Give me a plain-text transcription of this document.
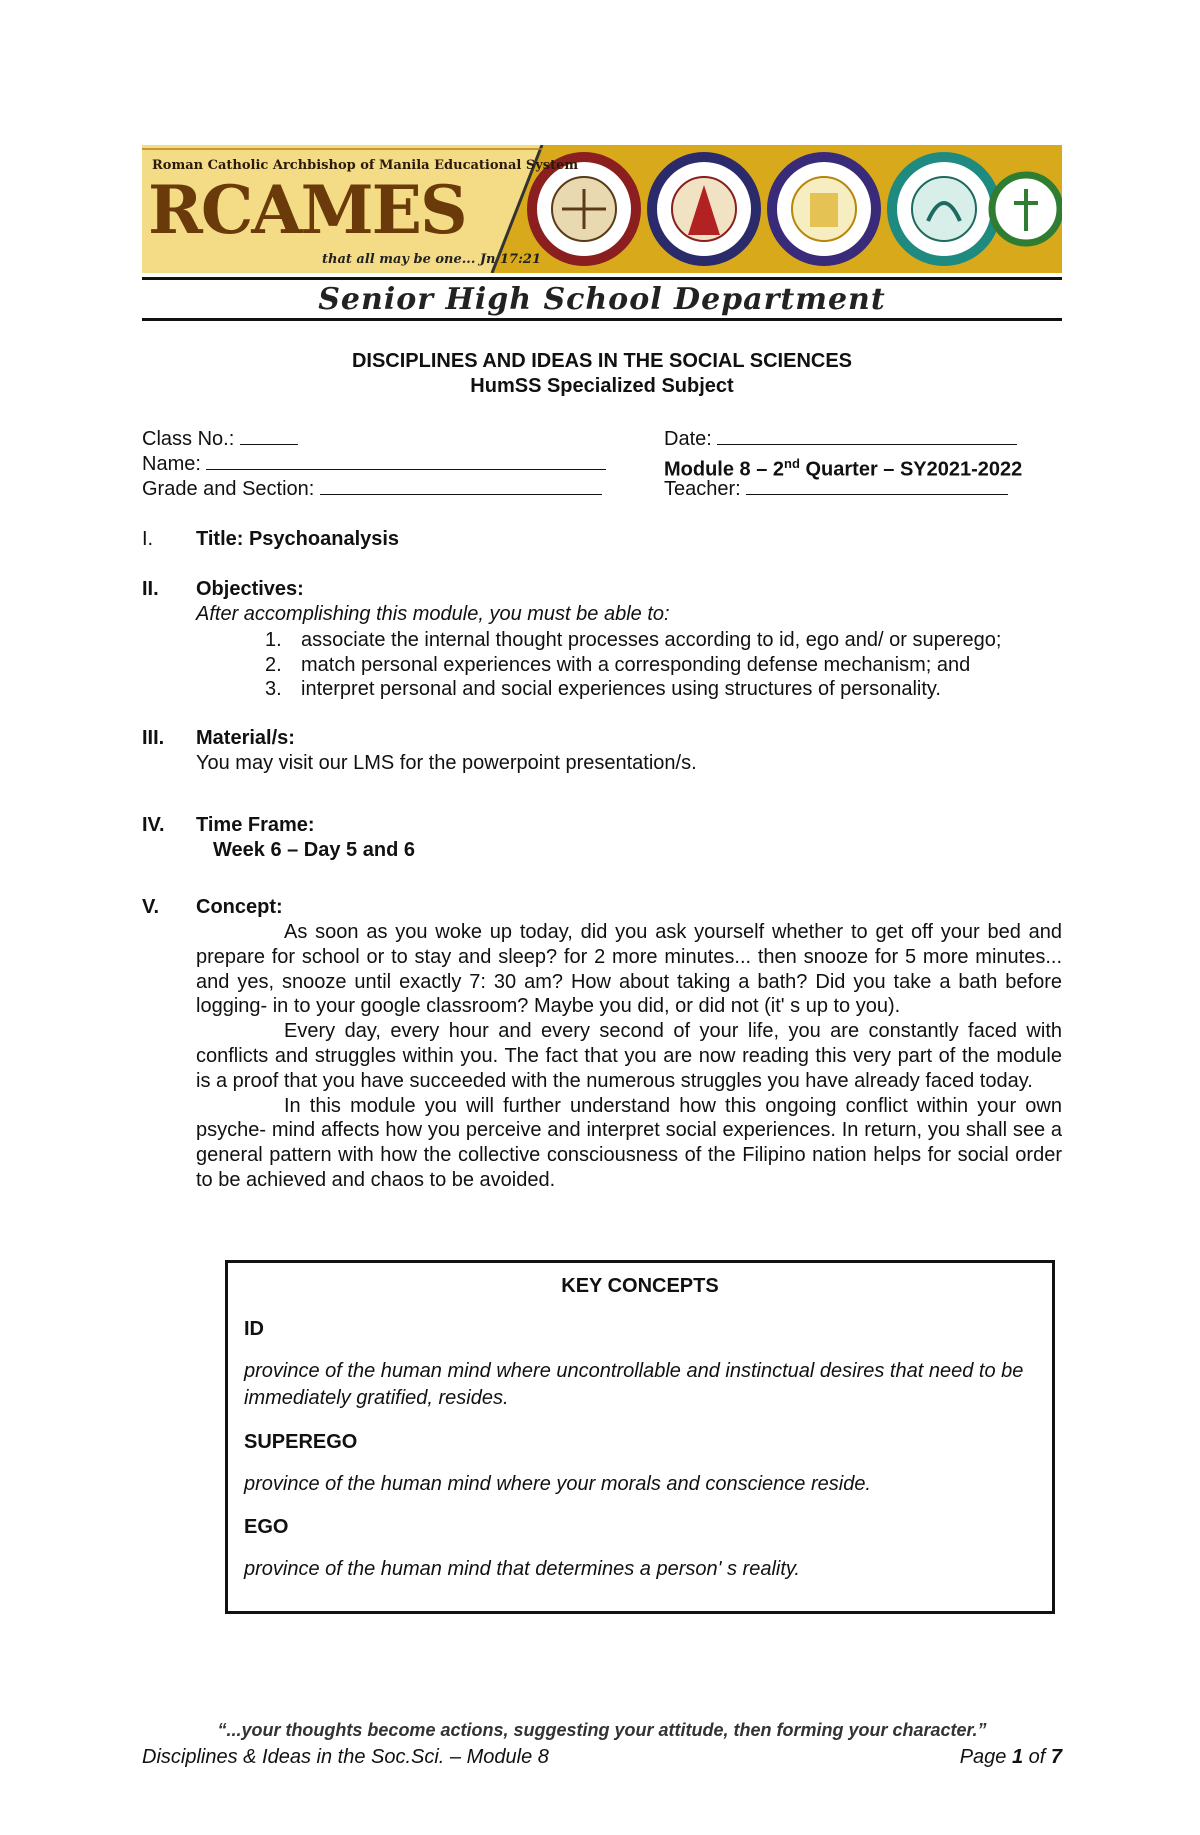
Roman Catholic Archbishop of Manila Educational System
RCAMES
that all may be one... Jn 17:21
Senior High School Department
DISCIPLINES AND IDEAS IN THE SOCIAL SCIENCES
HumSS Specialized Subject
Class No.:
Name:
Grade and Section:
Date:
Module 8 – 2nd Quarter – SY2021-2022
Teacher:
I. Title: Psychoanalysis
II. Objectives:
After accomplishing this module, you must be able to:
1. associate the internal thought processes according to id, ego and/ or superego;
2. match personal experiences with a corresponding defense mechanism; and
3. interpret personal and social experiences using structures of personality.
III. Material/s:
You may visit our LMS for the powerpoint presentation/s.
IV. Time Frame:
Week 6 – Day 5 and 6
V. Concept:

As soon as you woke up today, did you ask yourself whether to get off your bed and prepare for school or to stay and sleep? for 2 more minutes... then snooze for 5 more minutes... and yes, snooze until exactly 7: 30 am? How about taking a bath? Did you take a bath before logging- in to your google classroom? Maybe you did, or did not (it' s up to you).

Every day, every hour and every second of your life, you are constantly faced with conflicts and struggles within you. The fact that you are now reading this very part of the module is a proof that you have succeeded with the numerous struggles you have already faced today.

In this module you will further understand how this ongoing conflict within your own psyche- mind affects how you perceive and interpret social experiences. In return, you shall see a general pattern with how the collective consciousness of the Filipino nation helps for social order to be achieved and chaos to be avoided.

KEY CONCEPTS
ID
province of the human mind where uncontrollable and instinctual desires that need to be immediately gratified, resides.
SUPEREGO
province of the human mind where your morals and conscience reside.
EGO
province of the human mind that determines a person' s reality.
“...your thoughts become actions, suggesting your attitude, then forming your character.”
Disciplines & Ideas in the Soc.Sci. – Module 8	Page 1 of 7
